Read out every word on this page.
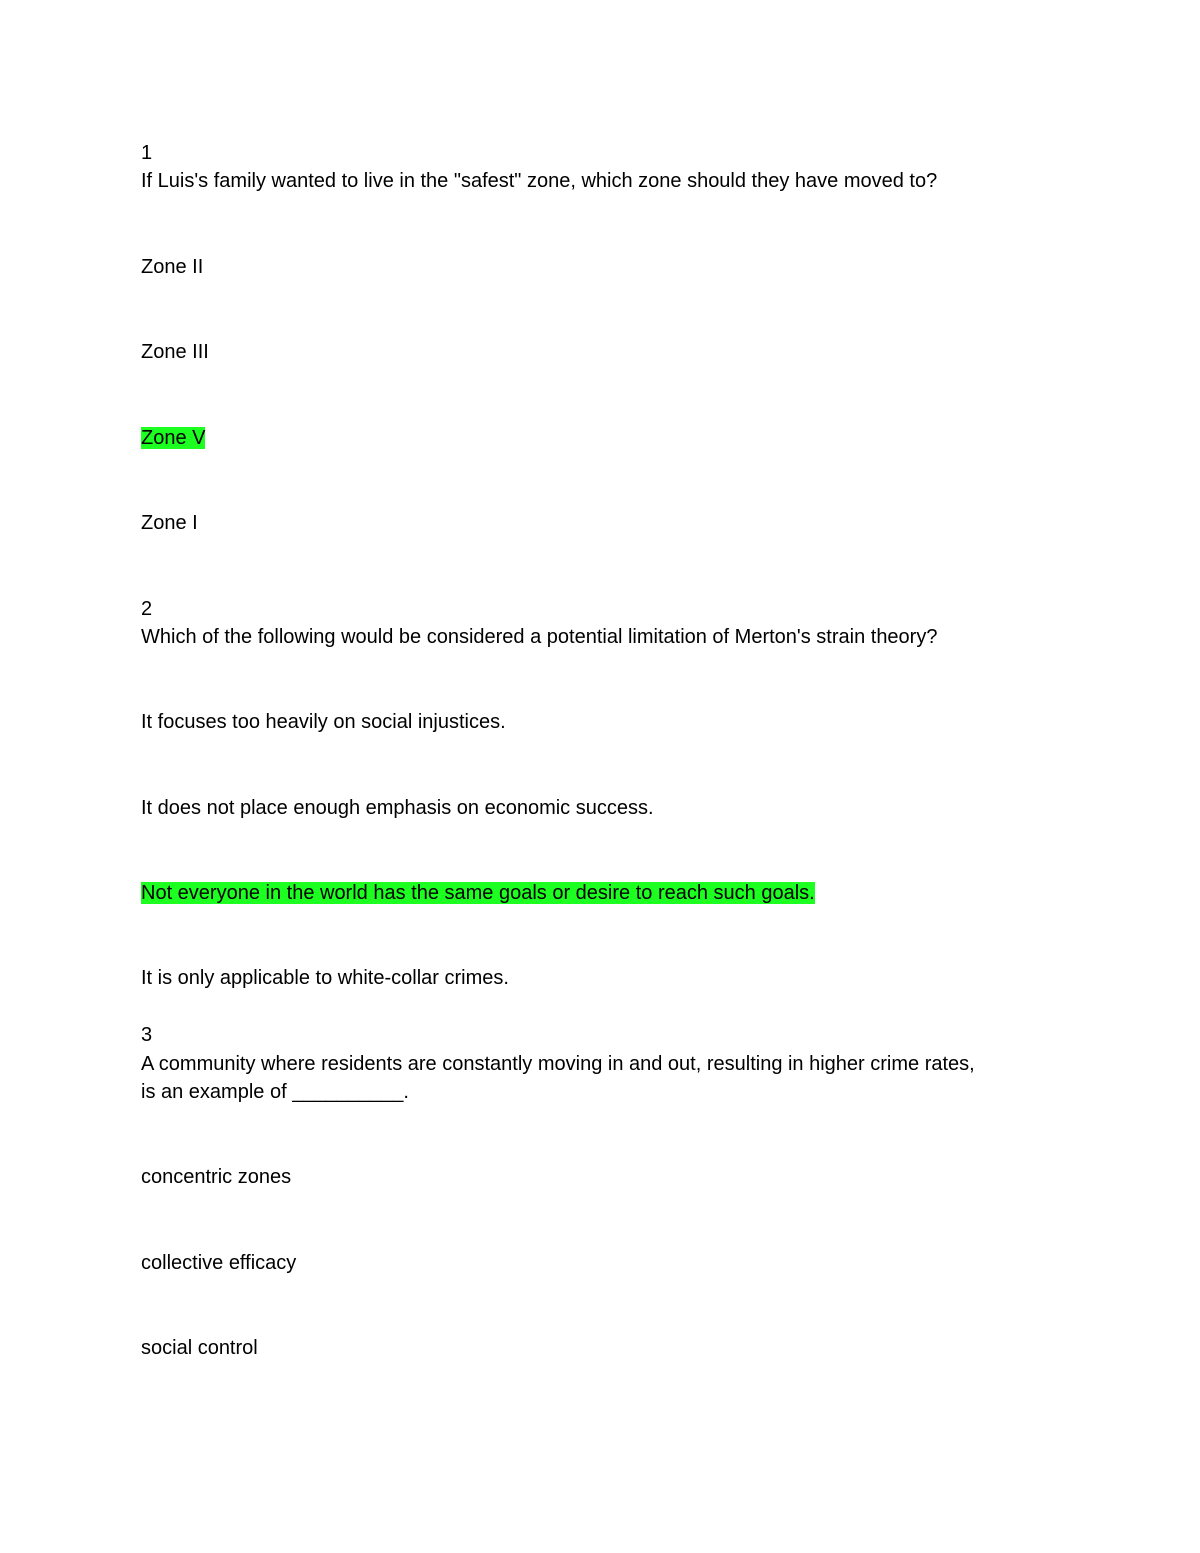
1
If Luis's family wanted to live in the "safest" zone, which zone should they have moved to?
Zone II
Zone III
Zone V
Zone I
2
Which of the following would be considered a potential limitation of Merton's strain theory?
It focuses too heavily on social injustices.
It does not place enough emphasis on economic success.
Not everyone in the world has the same goals or desire to reach such goals.
It is only applicable to white-collar crimes.
3
A community where residents are constantly moving in and out, resulting in higher crime rates,
is an example of __________.
concentric zones
collective efficacy
social control
